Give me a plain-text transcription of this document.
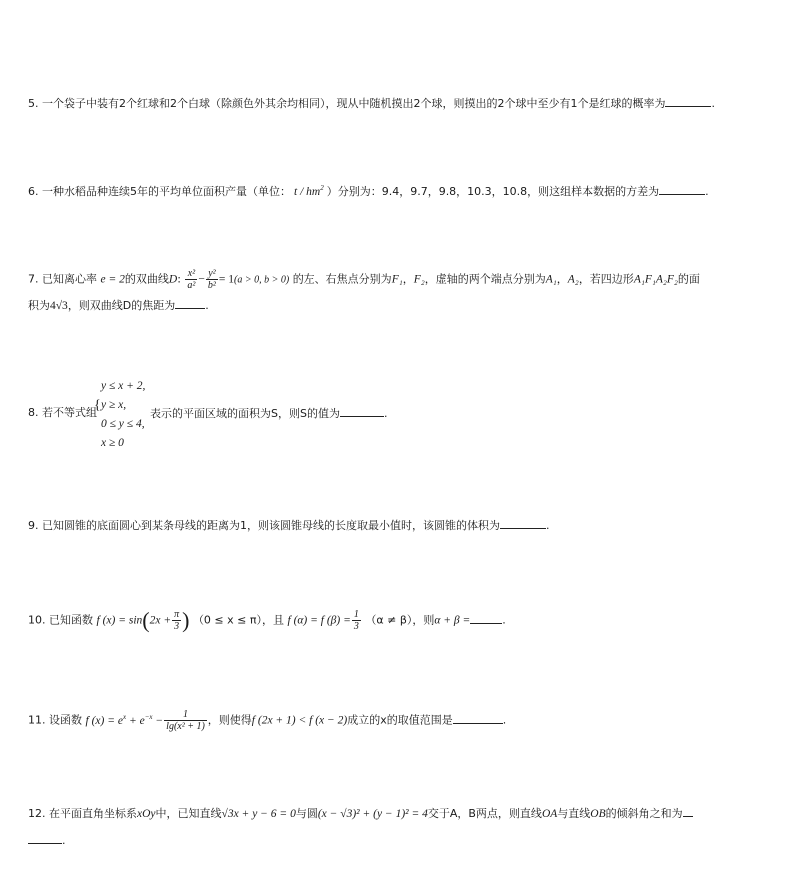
5. 一个袋子中装有2个红球和2个白球（除颜色外其余均相同），现从中随机摸出2个球，则摸出的2个球中至少有1个是红球的概率为	.
6. 一种水稻品种连续5年的平均单位面积产量（单位： t / $hm^2$ ）分别为：9.4，9.7，9.8，10.3，10.8，则这组样本数据的方差为	.
7. 已知离心率 e = 2的双曲线D: $\frac{\text{x²}}{\text{a²}} - \frac{\text{y²}}{\text{b²}} = 1(a > 0$, b > 0) 的左、右焦点分别为F₁，F₂，虚轴的两个端点分别为A₁，A₂，若四边形A₁F₁A₂F₂的面
积为4√3，则双曲线D的焦距为	.
{
y ≤ x + 2,
y ≥ x,
0 ≤ y ≤ 4,
x ≥ 0
8. 若不等式组	表示的平面区域的面积为S，则S的值为	.
9. 已知圆锥的底面圆心到某条母线的距离为1，则该圆锥母线的长度取最小值时，该圆锥的体积为	.
10. 已知函数 f $(x) = \sin(2x + \frac{\pi}{3}$ ) （0 ≤ x ≤ π），且 f (α) = f $(\beta) = \frac{1}{3} (\alpha \ne \beta)$，则α + β =	.
11. 设函数 f $(x) = e^x + e^{-x} - \frac{1}{\text{lg(x² + 1)}}$ ，则使得f (2x + 1) < f (x − 2)成立的x的取值范围是	.
12. 在平面直角坐标系xOy中，已知直线√3x + y − 6 = 0与圆(x − √3)² + (y − 1)² = 4交于A，B两点，则直线OA与直线OB的倾斜角之和为
.
